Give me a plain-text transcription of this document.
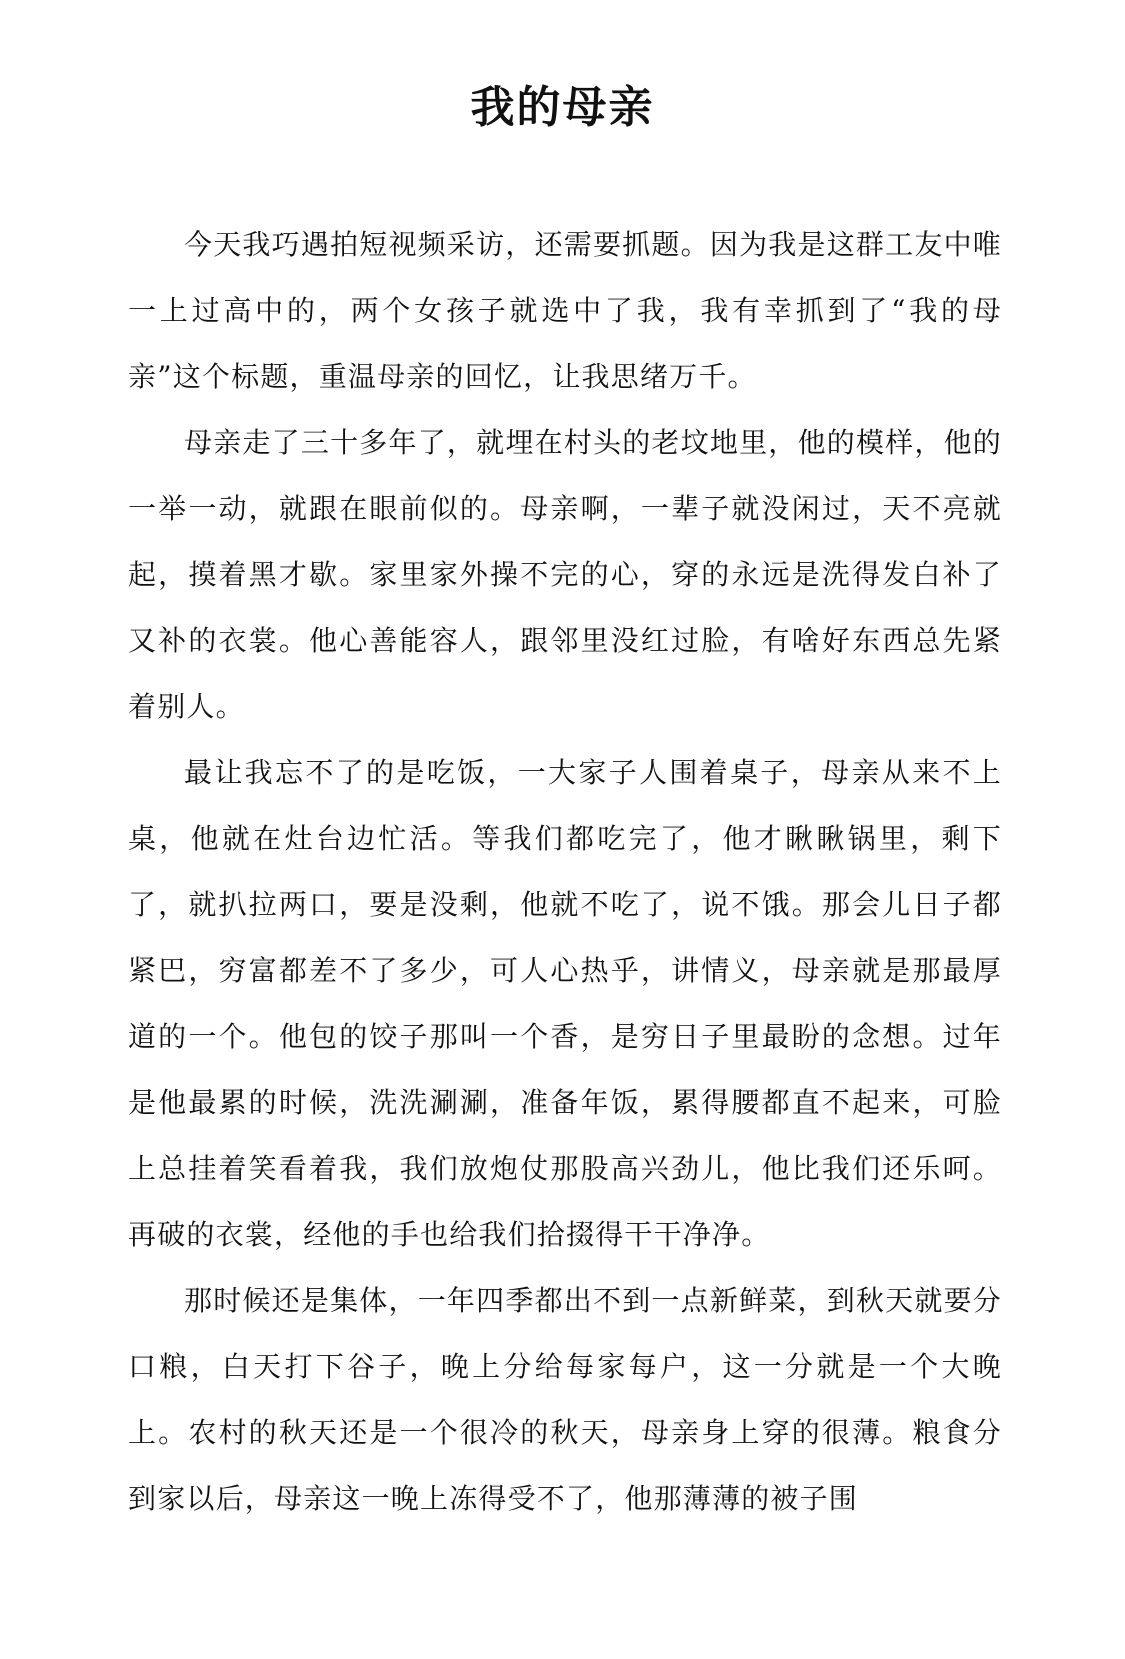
我的母亲

今天我巧遇拍短视频采访，还需要抓题。因为我是这群工友中唯一上过高中的，两个女孩子就选中了我，我有幸抓到了“我的母亲”这个标题，重温母亲的回忆，让我思绪万千。

母亲走了三十多年了，就埋在村头的老坟地里，他的模样，他的一举一动，就跟在眼前似的。母亲啊，一辈子就没闲过，天不亮就起，摸着黑才歇。家里家外操不完的心，穿的永远是洗得发白补了又补的衣裳。他心善能容人，跟邻里没红过脸，有啥好东西总先紧着别人。

最让我忘不了的是吃饭，一大家子人围着桌子，母亲从来不上桌，他就在灶台边忙活。等我们都吃完了，他才瞅瞅锅里，剩下了，就扒拉两口，要是没剩，他就不吃了，说不饿。那会儿日子都紧巴，穷富都差不了多少，可人心热乎，讲情义，母亲就是那最厚道的一个。他包的饺子那叫一个香，是穷日子里最盼的念想。过年是他最累的时候，洗洗涮涮，准备年饭，累得腰都直不起来，可脸上总挂着笑看着我，我们放炮仗那股高兴劲儿，他比我们还乐呵。再破的衣裳，经他的手也给我们拾掇得干干净净。

那时候还是集体，一年四季都出不到一点新鲜菜，到秋天就要分口粮，白天打下谷子，晚上分给每家每户，这一分就是一个大晚上。农村的秋天还是一个很冷的秋天，母亲身上穿的很薄。粮食分到家以后，母亲这一晚上冻得受不了，他那薄薄的被子围
